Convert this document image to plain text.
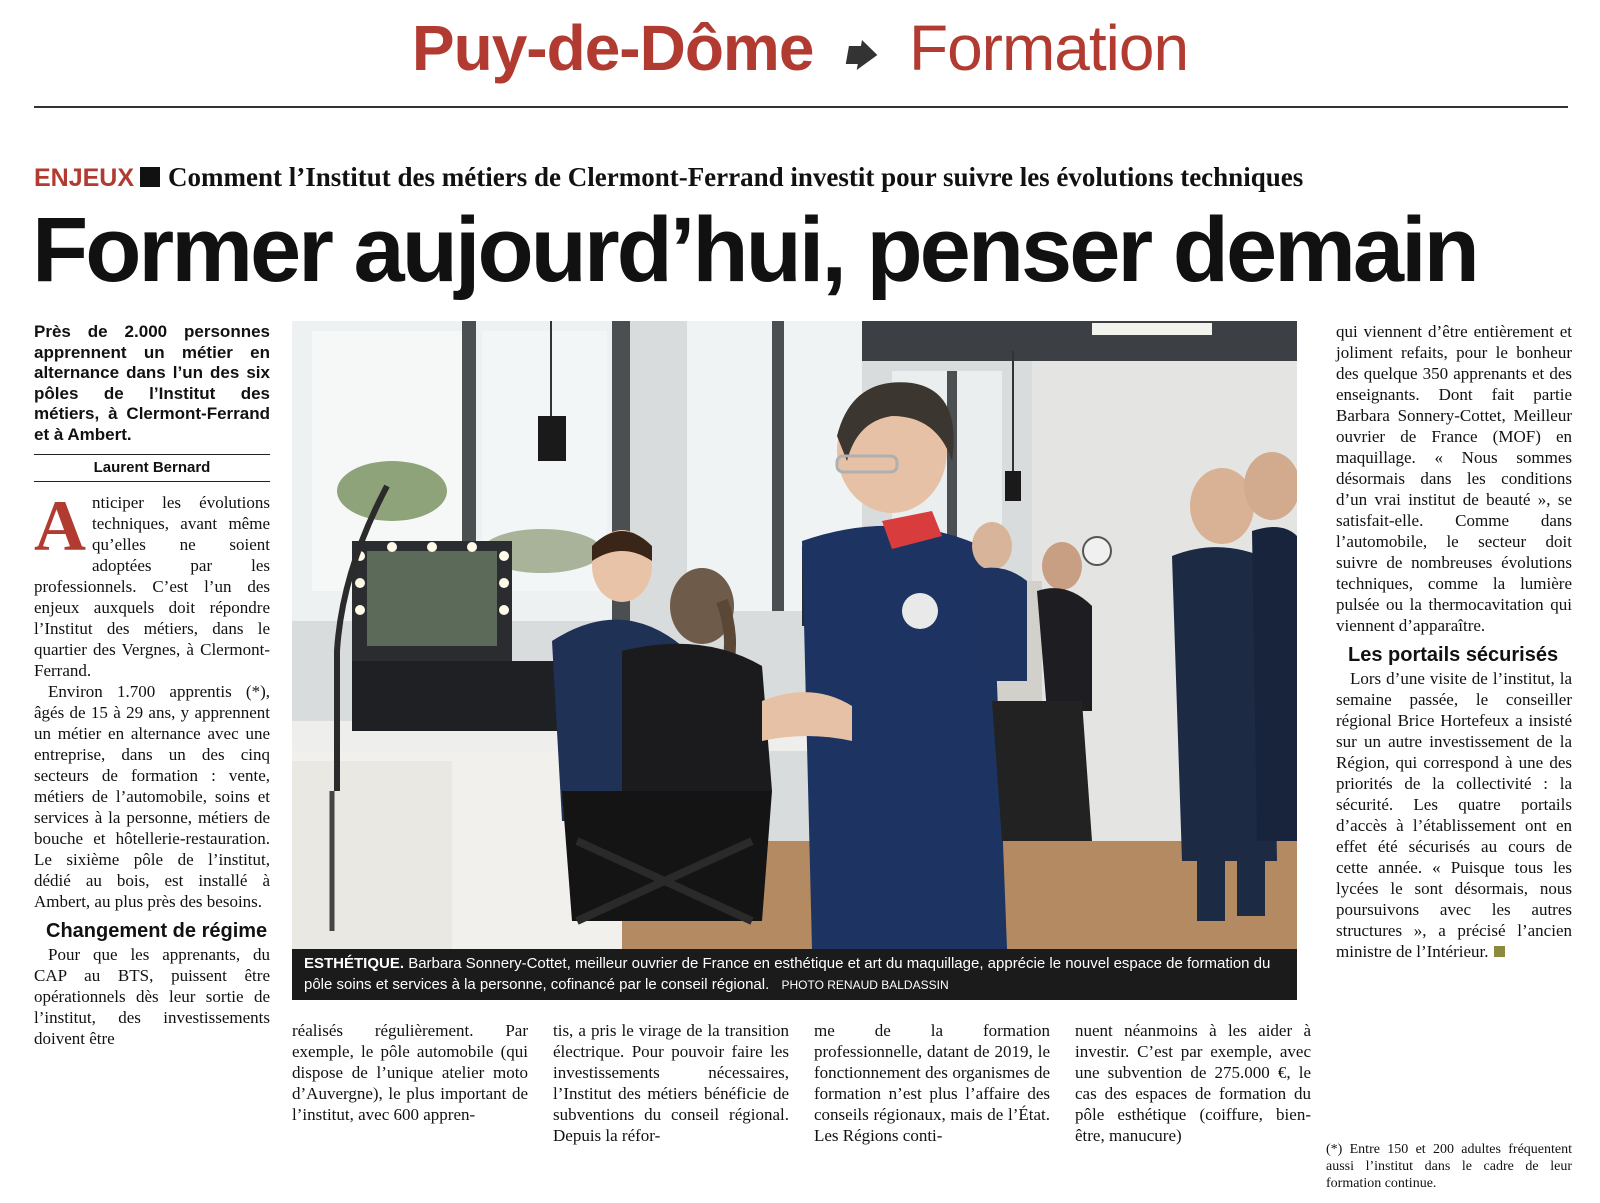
Puy-de-Dôme Formation
ENJEUX Comment l’Institut des métiers de Clermont-Ferrand investit pour suivre les évolutions techniques
Former aujourd’hui, penser demain
Près de 2.000 personnes apprennent un métier en alternance dans l’un des six pôles de l’Institut des métiers, à Clermont-Ferrand et à Ambert.
Laurent Bernard

Anticiper les évolutions techniques, avant même qu’elles ne soient adoptées par les professionnels. C’est l’un des enjeux auxquels doit répondre l’Institut des métiers, dans le quartier des Vergnes, à Clermont-Ferrand.

Environ 1.700 apprentis (*), âgés de 15 à 29 ans, y apprennent un métier en alternance avec une entreprise, dans un des cinq secteurs de formation : vente, métiers de l’automobile, soins et services à la personne, métiers de bouche et hôtellerie-restauration. Le sixième pôle de l’institut, dédié au bois, est installé à Ambert, au plus près des besoins.

Changement de régime

Pour que les apprenants, du CAP au BTS, puissent être opérationnels dès leur sortie de l’institut, des investissements doivent être

ESTHÉTIQUE. Barbara Sonnery-Cottet, meilleur ouvrier de France en esthétique et art du maquillage, apprécie le nouvel espace de formation du pôle soins et services à la personne, cofinancé par le conseil régional. PHOTO RENAUD BALDASSIN

réalisés régulièrement. Par exemple, le pôle automobile (qui dispose de l’unique atelier moto d’Auvergne), le plus important de l’institut, avec 600 appren-

tis, a pris le virage de la transition électrique. Pour pouvoir faire les investissements nécessaires, l’Institut des métiers bénéficie de subventions du conseil régional. Depuis la réfor-

me de la formation professionnelle, datant de 2019, le fonctionnement des organismes de formation n’est plus l’affaire des conseils régionaux, mais de l’État. Les Régions conti-

nuent néanmoins à les aider à investir. C’est par exemple, avec une subvention de 275.000 €, le cas des espaces de formation du pôle esthétique (coiffure, bien-être, manucure)

qui viennent d’être entièrement et joliment refaits, pour le bonheur des quelque 350 apprenants et des enseignants. Dont fait partie Barbara Sonnery-Cottet, Meilleur ouvrier de France (MOF) en maquillage. « Nous sommes désormais dans les conditions d’un vrai institut de beauté », se satisfait-elle. Comme dans l’automobile, le secteur doit suivre de nombreuses évolutions techniques, comme la lumière pulsée ou la thermocavitation qui viennent d’apparaître.

Les portails sécurisés

Lors d’une visite de l’institut, la semaine passée, le conseiller régional Brice Hortefeux a insisté sur un autre investissement de la Région, qui correspond à une des priorités de la collectivité : la sécurité. Les quatre portails d’accès à l’établissement ont en effet été sécurisés au cours de cette année. « Puisque tous les lycées le sont désormais, nous poursuivons avec les autres structures », a précisé l’ancien ministre de l’Intérieur.

(*) Entre 150 et 200 adultes fréquentent aussi l’institut dans le cadre de leur formation continue.
